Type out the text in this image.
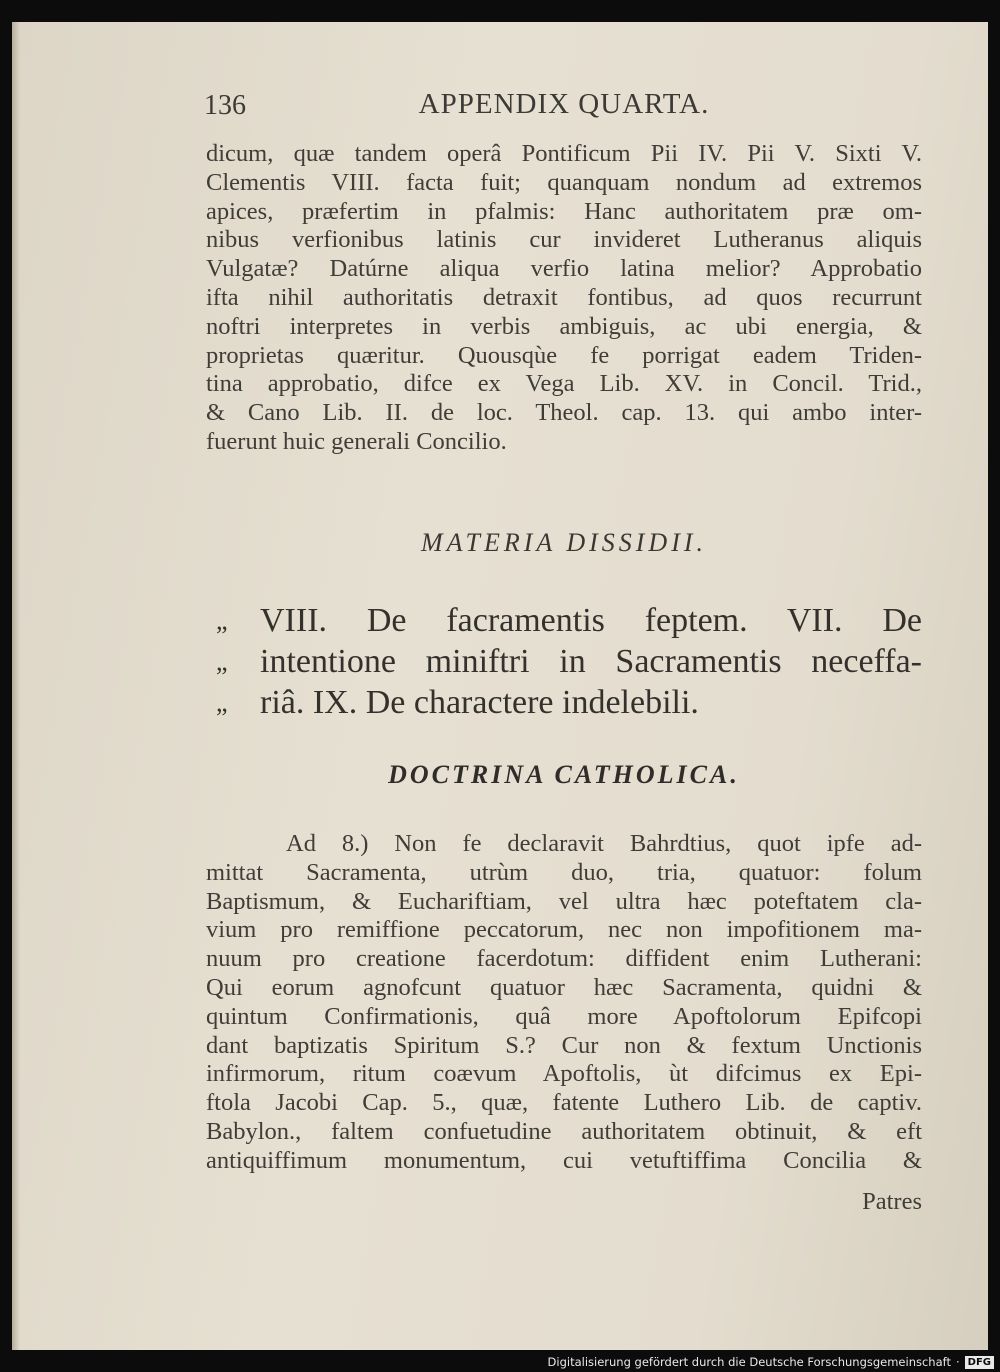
136	APPENDIX QUARTA.
dicum, quæ tandem operâ Pontificum Pii IV. Pii V. Sixti V.
Clementis VIII. facta fuit; quanquam nondum ad extremos
apices, præfertim in pfalmis: Hanc authoritatem præ om-
nibus verfionibus latinis cur invideret Lutheranus aliquis
Vulgatæ? Datúrne aliqua verfio latina melior? Approbatio
ifta nihil authoritatis detraxit fontibus, ad quos recurrunt
noftri interpretes in verbis ambiguis, ac ubi energia, &
proprietas quæritur. Quousqùe fe porrigat eadem Triden-
tina approbatio, difce ex Vega Lib. XV. in Concil. Trid.,
& Cano Lib. II. de loc. Theol. cap. 13. qui ambo inter-
fuerunt huic generali Concilio.
MATERIA DISSIDII.
„ VIII. De facramentis feptem. VII. De
„ intentione miniftri in Sacramentis neceffa-
„ riâ. IX. De charactere indelebili.
DOCTRINA CATHOLICA.
Ad 8.) Non fe declaravit Bahrdtius, quot ipfe ad-
mittat Sacramenta, utrùm duo, tria, quatuor: folum
Baptismum, & Euchariftiam, vel ultra hæc poteftatem cla-
vium pro remiffione peccatorum, nec non impofitionem ma-
nuum pro creatione facerdotum: diffident enim Lutherani:
Qui eorum agnofcunt quatuor hæc Sacramenta, quidni &
quintum Confirmationis, quâ more Apoftolorum Epifcopi
dant baptizatis Spiritum S.? Cur non & fextum Unctionis
infirmorum, ritum coævum Apoftolis, ùt difcimus ex Epi-
ftola Jacobi Cap. 5., quæ, fatente Luthero Lib. de captiv.
Babylon., faltem confuetudine authoritatem obtinuit, & eft
antiquiffimum monumentum, cui vetuftiffima Concilia &
Patres
Digitalisierung gefördert durch die Deutsche Forschungsgemeinschaft · DFG
